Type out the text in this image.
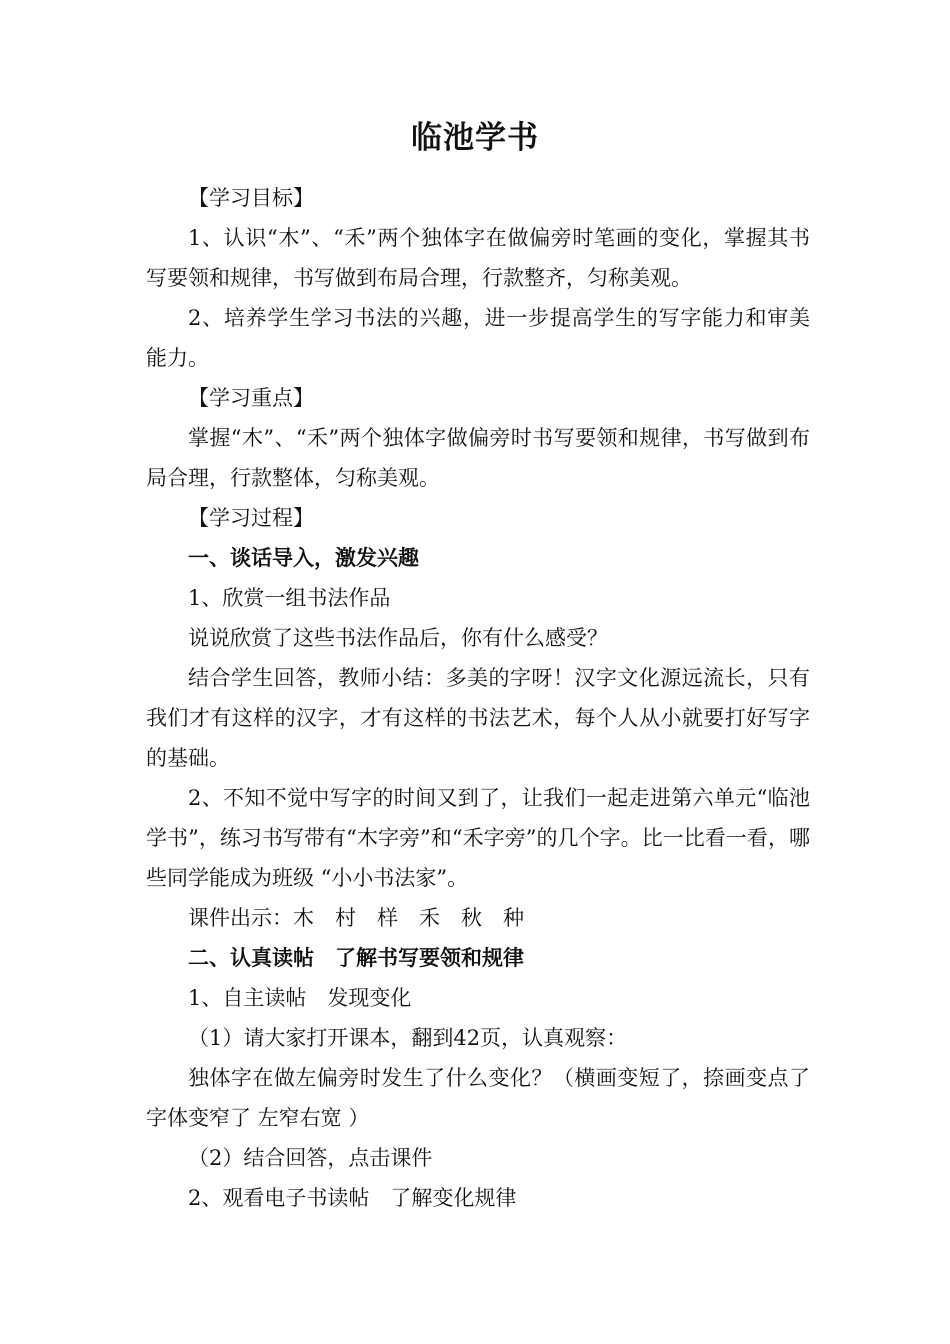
临池学书

【学习目标】

1、认识“木”、“禾”两个独体字在做偏旁时笔画的变化，掌握其书写要领和规律，书写做到布局合理，行款整齐，匀称美观。

2、培养学生学习书法的兴趣，进一步提高学生的写字能力和审美能力。

【学习重点】

掌握“木”、“禾”两个独体字做偏旁时书写要领和规律，书写做到布局合理，行款整体，匀称美观。

【学习过程】

一、谈话导入，激发兴趣

1、欣赏一组书法作品

说说欣赏了这些书法作品后，你有什么感受？

结合学生回答，教师小结：多美的字呀！汉字文化源远流长，只有我们才有这样的汉字，才有这样的书法艺术，每个人从小就要打好写字的基础。

2、不知不觉中写字的时间又到了，让我们一起走进第六单元“临池学书”，练习书写带有“木字旁”和“禾字旁”的几个字。比一比看一看，哪些同学能成为班级 “小小书法家”。

课件出示：木　村　样　禾　秋　种

二、认真读帖　了解书写要领和规律

1、自主读帖　发现变化

（1）请大家打开课本，翻到42页，认真观察：

独体字在做左偏旁时发生了什么变化？（横画变短了，捺画变点了 字体变窄了 左窄右宽 ）

（2）结合回答，点击课件

2、观看电子书读帖　了解变化规律
